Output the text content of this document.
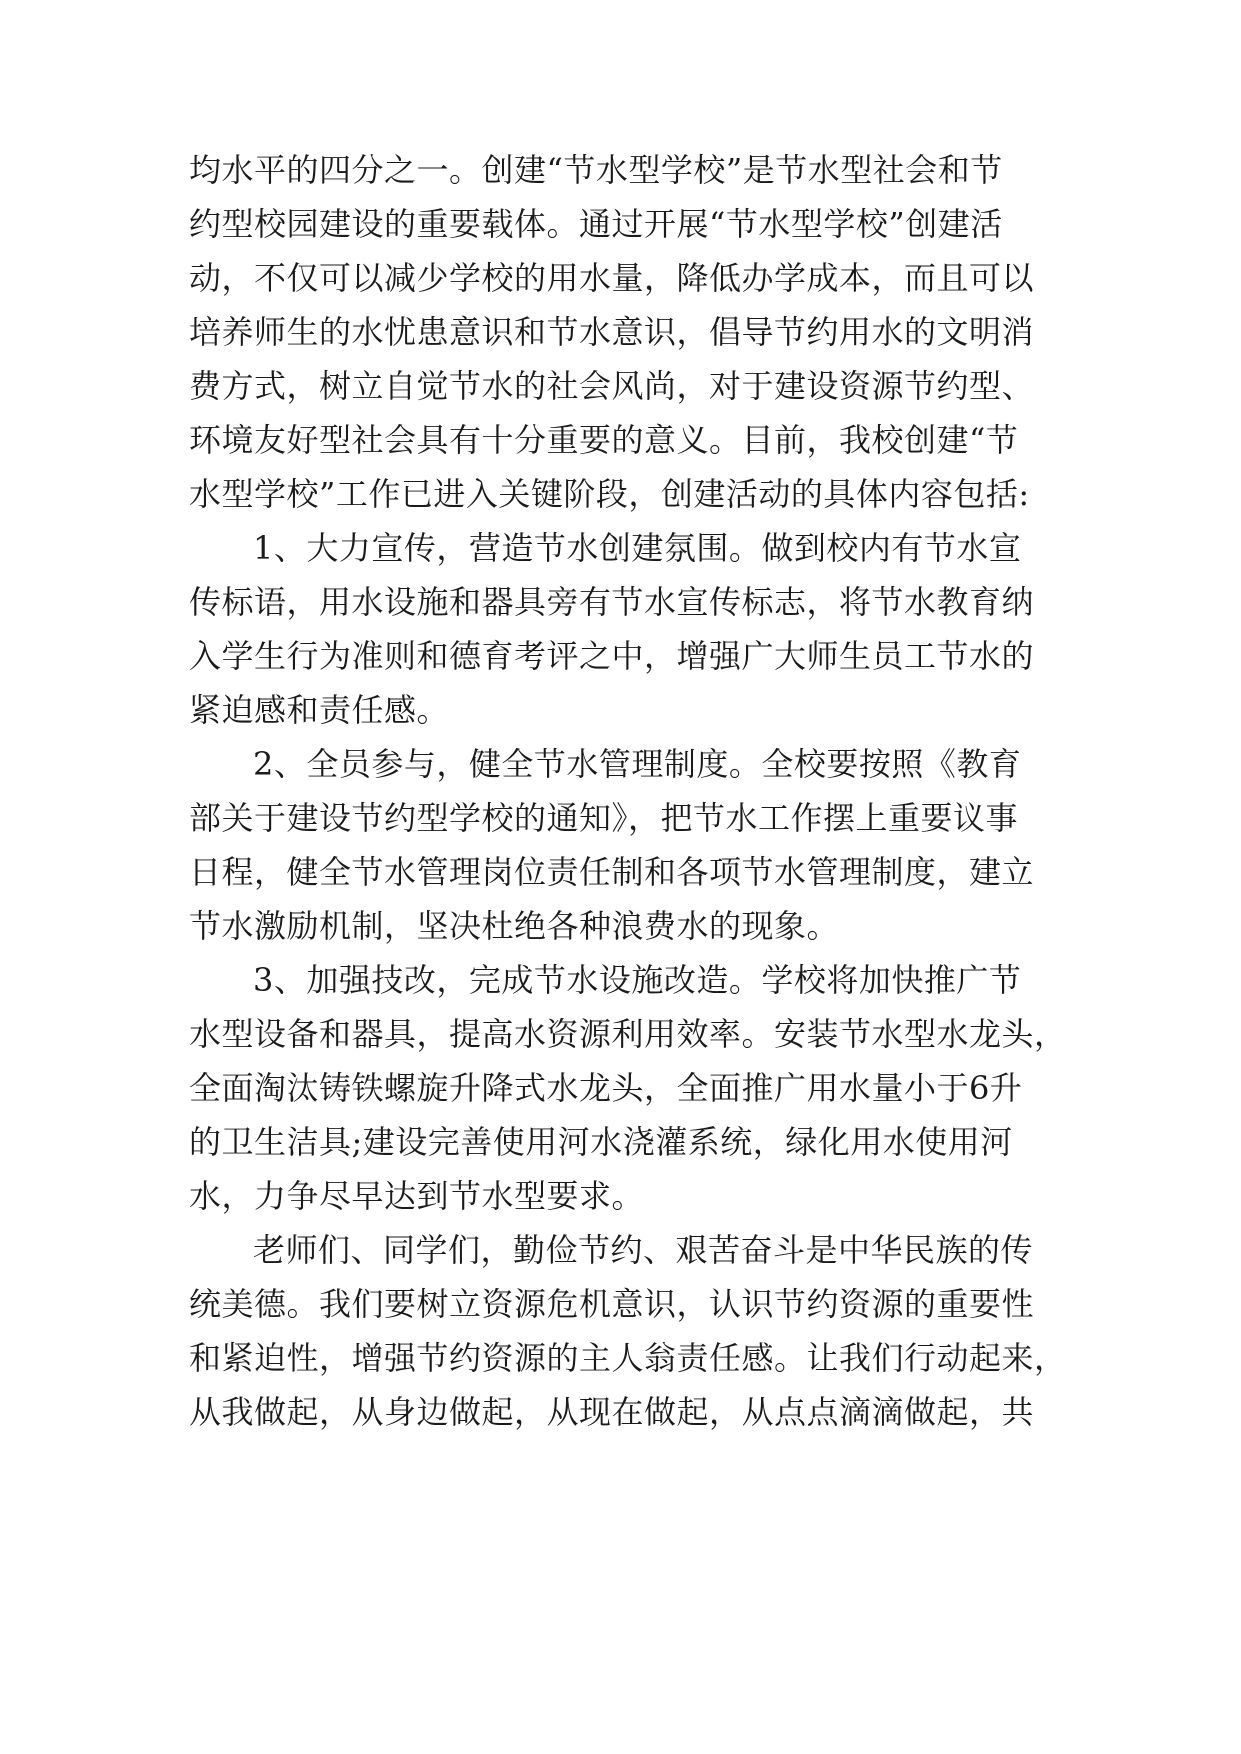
均水平的四分之一。创建“节水型学校”是节水型社会和节
约型校园建设的重要载体。通过开展“节水型学校”创建活
动，不仅可以减少学校的用水量，降低办学成本，而且可以
培养师生的水忧患意识和节水意识，倡导节约用水的文明消
费方式，树立自觉节水的社会风尚，对于建设资源节约型、
环境友好型社会具有十分重要的意义。目前，我校创建“节
水型学校”工作已进入关键阶段，创建活动的具体内容包括:
1、大力宣传，营造节水创建氛围。做到校内有节水宣
传标语，用水设施和器具旁有节水宣传标志，将节水教育纳
入学生行为准则和德育考评之中，增强广大师生员工节水的
紧迫感和责任感。
2、全员参与，健全节水管理制度。全校要按照《教育
部关于建设节约型学校的通知》，把节水工作摆上重要议事
日程，健全节水管理岗位责任制和各项节水管理制度，建立
节水激励机制，坚决杜绝各种浪费水的现象。
3、加强技改，完成节水设施改造。学校将加快推广节
水型设备和器具，提高水资源利用效率。安装节水型水龙头，
全面淘汰铸铁螺旋升降式水龙头，全面推广用水量小于6升
的卫生洁具;建设完善使用河水浇灌系统，绿化用水使用河
水，力争尽早达到节水型要求。
老师们、同学们，勤俭节约、艰苦奋斗是中华民族的传
统美德。我们要树立资源危机意识，认识节约资源的重要性
和紧迫性，增强节约资源的主人翁责任感。让我们行动起来，
从我做起，从身边做起，从现在做起，从点点滴滴做起，共
